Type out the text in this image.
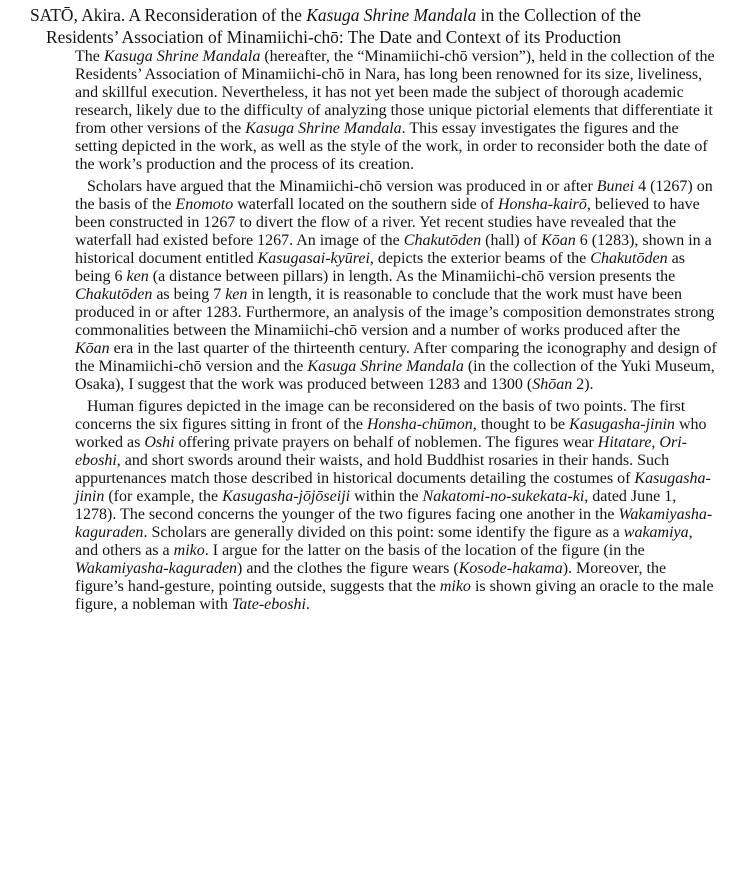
SATŌ, Akira. A Reconsideration of the Kasuga Shrine Mandala in the Collection of the
Residents’ Association of Minamiichi-chō: The Date and Context of its Production

The Kasuga Shrine Mandala (hereafter, the “Minamiichi-chō version”), held in the collection of the Residents’ Association of Minamiichi-chō in Nara, has long been renowned for its size, liveliness, and skillful execution. Nevertheless, it has not yet been made the subject of thorough academic research, likely due to the difficulty of analyzing those unique pictorial elements that differentiate it from other versions of the Kasuga Shrine Mandala. This essay investigates the figures and the setting depicted in the work, as well as the style of the work, in order to reconsider both the date of the work’s production and the process of its creation.

Scholars have argued that the Minamiichi-chō version was produced in or after Bunei 4 (1267) on the basis of the Enomoto waterfall located on the southern side of Honsha-kairō, believed to have been constructed in 1267 to divert the flow of a river. Yet recent studies have revealed that the waterfall had existed before 1267. An image of the Chakutōden (hall) of Kōan 6 (1283), shown in a historical document entitled Kasugasai-kyūrei, depicts the exterior beams of the Chakutōden as being 6 ken (a distance between pillars) in length. As the Minamiichi-chō version presents the Chakutōden as being 7 ken in length, it is reasonable to conclude that the work must have been produced in or after 1283. Furthermore, an analysis of the image’s composition demonstrates strong commonalities between the Minamiichi-chō version and a number of works produced after the Kōan era in the last quarter of the thirteenth century. After comparing the iconography and design of the Minamiichi-chō version and the Kasuga Shrine Mandala (in the collection of the Yuki Museum, Osaka), I suggest that the work was produced between 1283 and 1300 (Shōan 2).

Human figures depicted in the image can be reconsidered on the basis of two points. The first concerns the six figures sitting in front of the Honsha-chūmon, thought to be Kasugasha-jinin who worked as Oshi offering private prayers on behalf of noblemen. The figures wear Hitatare, Ori-eboshi, and short swords around their waists, and hold Buddhist rosaries in their hands. Such appurtenances match those described in historical documents detailing the costumes of Kasugasha-jinin (for example, the Kasugasha-jōjōseiji within the Nakatomi-no-sukekata-ki, dated June 1, 1278). The second concerns the younger of the two figures facing one another in the Wakamiyasha-kaguraden. Scholars are generally divided on this point: some identify the figure as a wakamiya, and others as a miko. I argue for the latter on the basis of the location of the figure (in the Wakamiyasha-kaguraden) and the clothes the figure wears (Kosode-hakama). Moreover, the figure’s hand-gesture, pointing outside, suggests that the miko is shown giving an oracle to the male figure, a nobleman with Tate-eboshi.
